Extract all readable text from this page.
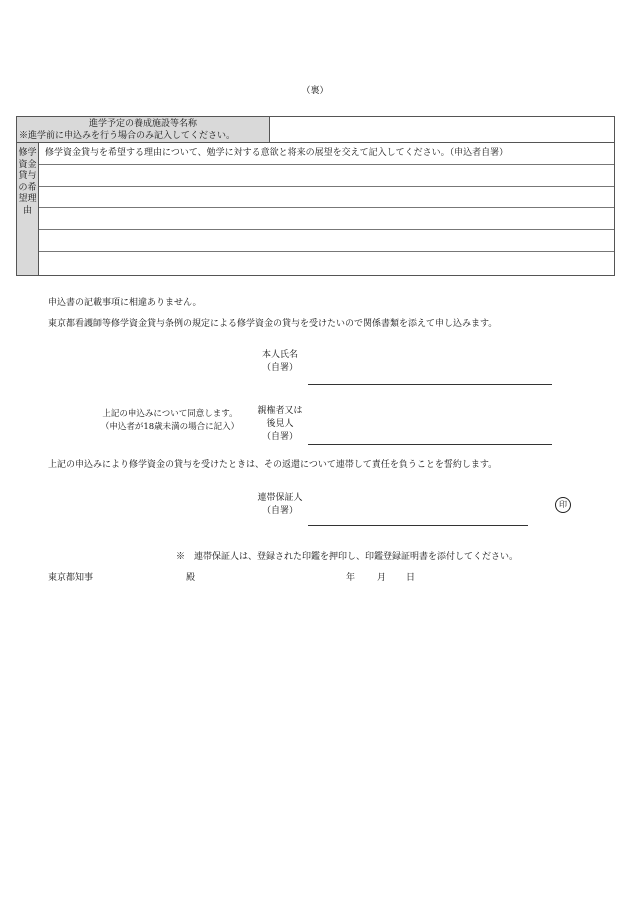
（裏）
進学予定の養成施設等名称
※進学前に申込みを行う場合のみ記入してください。
修学資金貸与の希望理由
修学資金貸与を希望する理由について、勉学に対する意欲と将来の展望を交えて記入してください。（申込者自署）
申込書の記載事項に相違ありません。
東京都看護師等修学資金貸与条例の規定による修学資金の貸与を受けたいので関係書類を添えて申し込みます。
本人氏名
（自署）
上記の申込みについて同意します。
（申込者が18歳未満の場合に記入）
親権者又は
後見人
（自署）
上記の申込みにより修学資金の貸与を受けたときは、その返還について連帯して責任を負うことを誓約します。
連帯保証人
（自署）
印
※　連帯保証人は、登録された印鑑を押印し、印鑑登録証明書を添付してください。
東京都知事	殿	年 月 日
